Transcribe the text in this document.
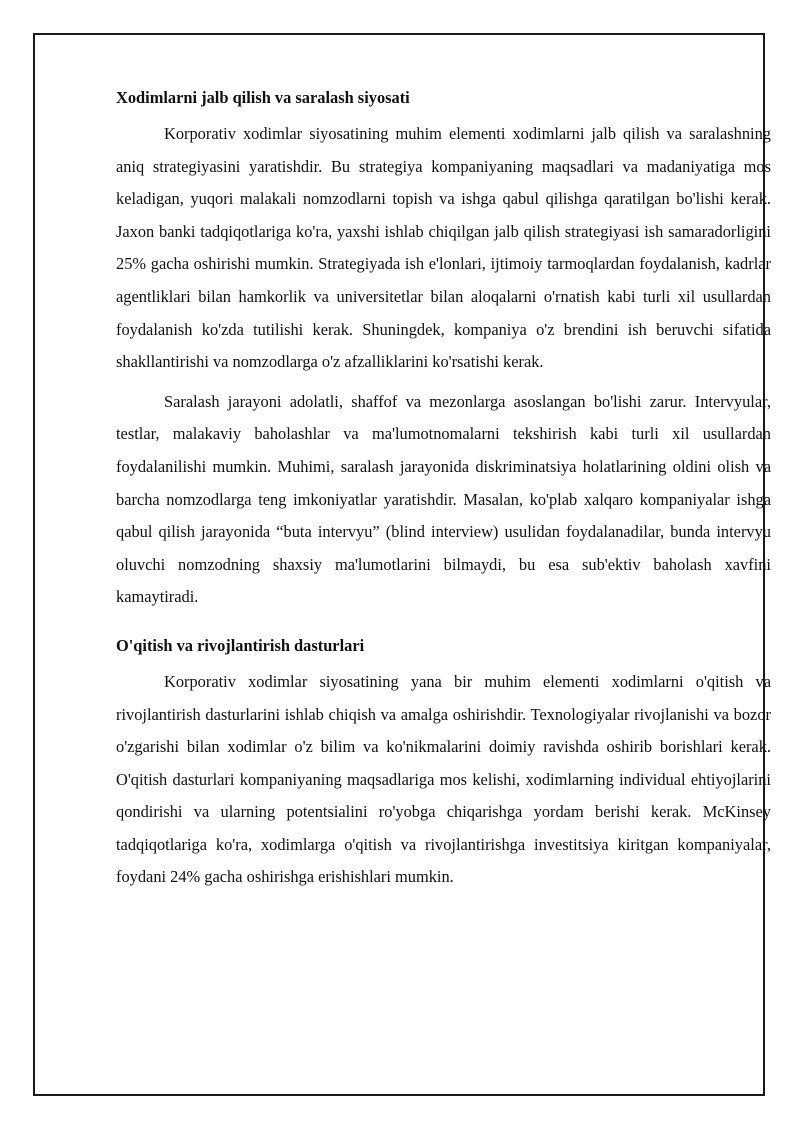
Xodimlarni jalb qilish va saralash siyosati

Korporativ xodimlar siyosatining muhim elementi xodimlarni jalb qilish va saralashning aniq strategiyasini yaratishdir. Bu strategiya kompaniyaning maqsadlari va madaniyatiga mos keladigan, yuqori malakali nomzodlarni topish va ishga qabul qilishga qaratilgan bo'lishi kerak. Jaxon banki tadqiqotlariga ko'ra, yaxshi ishlab chiqilgan jalb qilish strategiyasi ish samaradorligini 25% gacha oshirishi mumkin. Strategiyada ish e'lonlari, ijtimoiy tarmoqlardan foydalanish, kadrlar agentliklari bilan hamkorlik va universitetlar bilan aloqalarni o'rnatish kabi turli xil usullardan foydalanish ko'zda tutilishi kerak. Shuningdek, kompaniya o'z brendini ish beruvchi sifatida shakllantirishi va nomzodlarga o'z afzalliklarini ko'rsatishi kerak.

Saralash jarayoni adolatli, shaffof va mezonlarga asoslangan bo'lishi zarur. Intervyular, testlar, malakaviy baholashlar va ma'lumotnomalarni tekshirish kabi turli xil usullardan foydalanilishi mumkin. Muhimi, saralash jarayonida diskriminatsiya holatlarining oldini olish va barcha nomzodlarga teng imkoniyatlar yaratishdir. Masalan, ko'plab xalqaro kompaniyalar ishga qabul qilish jarayonida “buta intervyu” (blind interview) usulidan foydalanadilar, bunda intervyu oluvchi nomzodning shaxsiy ma'lumotlarini bilmaydi, bu esa sub'ektiv baholash xavfini kamaytiradi.

O'qitish va rivojlantirish dasturlari

Korporativ xodimlar siyosatining yana bir muhim elementi xodimlarni o'qitish va rivojlantirish dasturlarini ishlab chiqish va amalga oshirishdir. Texnologiyalar rivojlanishi va bozor o'zgarishi bilan xodimlar o'z bilim va ko'nikmalarini doimiy ravishda oshirib borishlari kerak. O'qitish dasturlari kompaniyaning maqsadlariga mos kelishi, xodimlarning individual ehtiyojlarini qondirishi va ularning potentsialini ro'yobga chiqarishga yordam berishi kerak. McKinsey tadqiqotlariga ko'ra, xodimlarga o'qitish va rivojlantirishga investitsiya kiritgan kompaniyalar, foydani 24% gacha oshirishga erishishlari mumkin.
